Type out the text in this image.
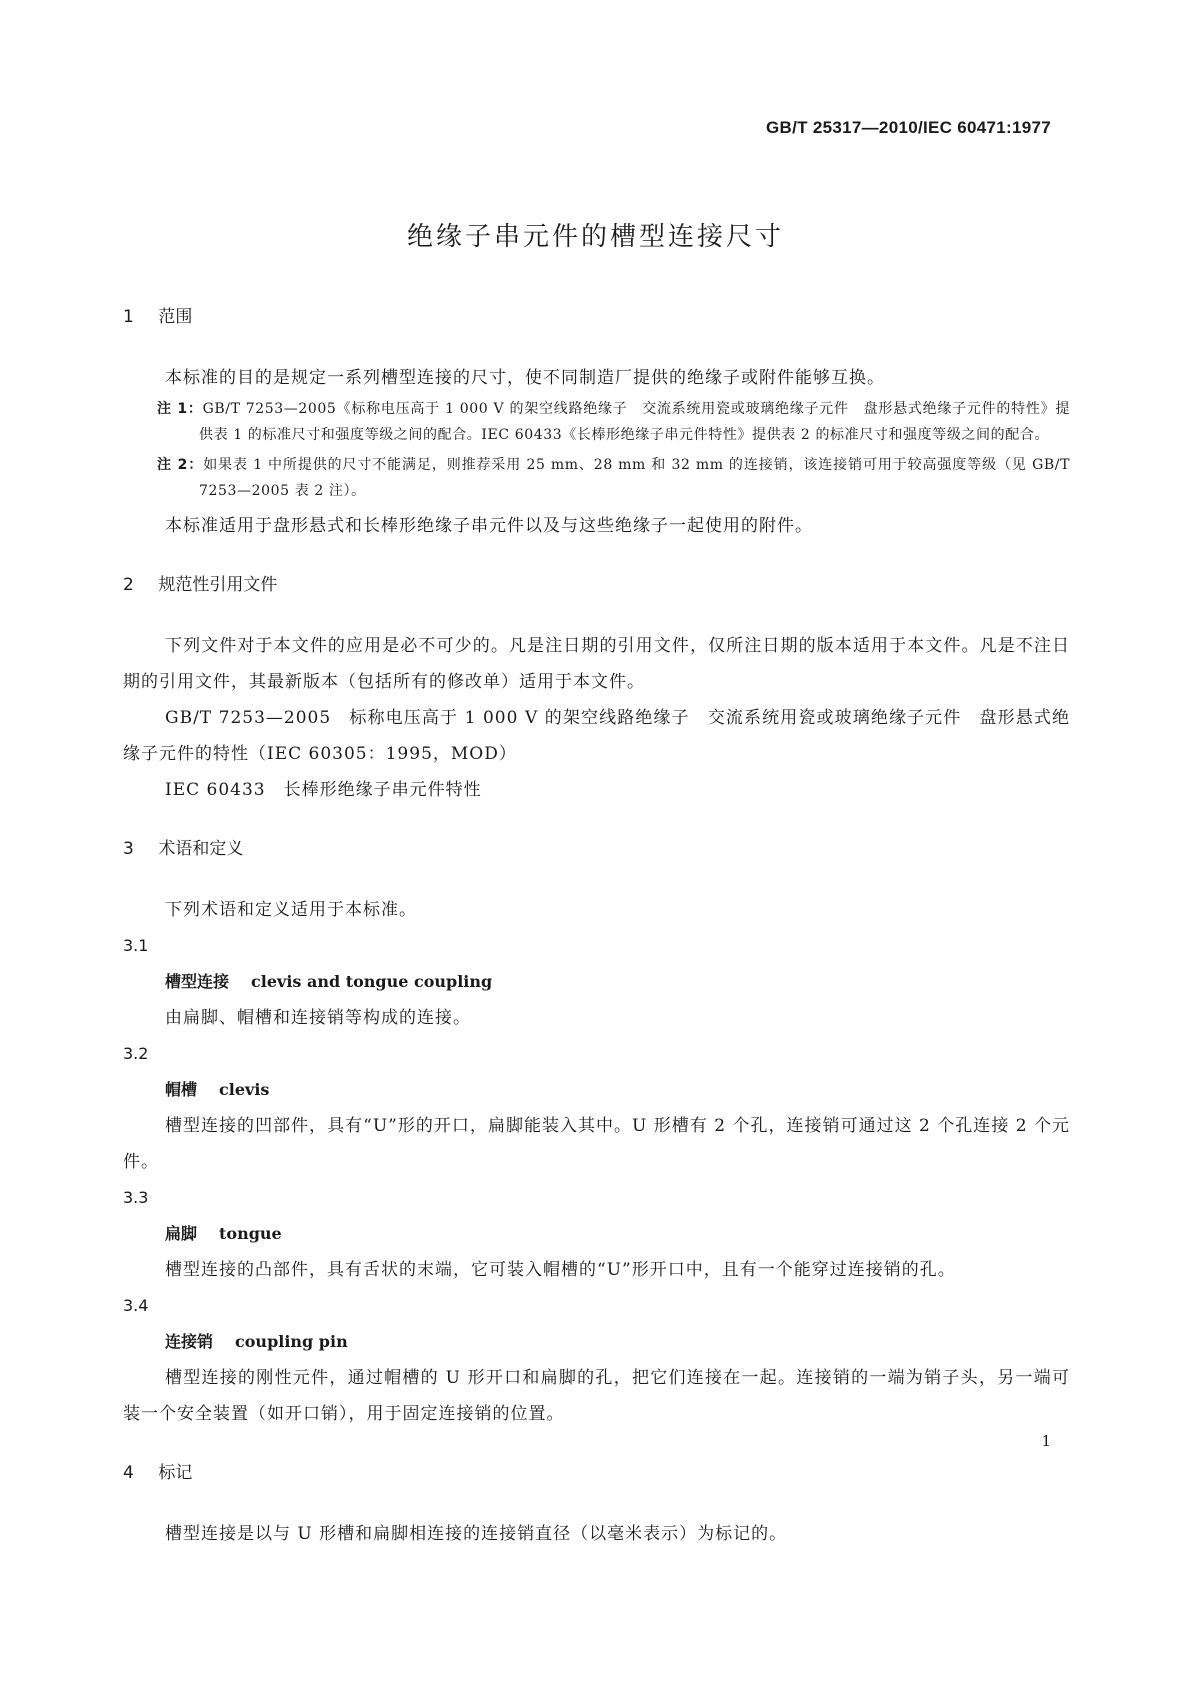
GB/T 25317—2010/IEC 60471:1977
绝缘子串元件的槽型连接尺寸
1 范围

本标准的目的是规定一系列槽型连接的尺寸，使不同制造厂提供的绝缘子或附件能够互换。

注 1：GB/T 7253—2005《标称电压高于 1 000 V 的架空线路绝缘子　交流系统用瓷或玻璃绝缘子元件　盘形悬式绝缘子元件的特性》提供表 1 的标准尺寸和强度等级之间的配合。IEC 60433《长棒形绝缘子串元件特性》提供表 2 的标准尺寸和强度等级之间的配合。

注 2：如果表 1 中所提供的尺寸不能满足，则推荐采用 25 mm、28 mm 和 32 mm 的连接销，该连接销可用于较高强度等级（见 GB/T 7253—2005 表 2 注）。

本标准适用于盘形悬式和长棒形绝缘子串元件以及与这些绝缘子一起使用的附件。

2 规范性引用文件

下列文件对于本文件的应用是必不可少的。凡是注日期的引用文件，仅所注日期的版本适用于本文件。凡是不注日期的引用文件，其最新版本（包括所有的修改单）适用于本文件。

GB/T 7253—2005　标称电压高于 1 000 V 的架空线路绝缘子　交流系统用瓷或玻璃绝缘子元件　盘形悬式绝缘子元件的特性（IEC 60305：1995，MOD）

IEC 60433　长棒形绝缘子串元件特性

3 术语和定义

下列术语和定义适用于本标准。

3.1

槽型连接 clevis and tongue coupling

由扁脚、帽槽和连接销等构成的连接。

3.2

帽槽 clevis

槽型连接的凹部件，具有“U”形的开口，扁脚能装入其中。U 形槽有 2 个孔，连接销可通过这 2 个孔连接 2 个元件。

3.3

扁脚 tongue

槽型连接的凸部件，具有舌状的末端，它可装入帽槽的“U”形开口中，且有一个能穿过连接销的孔。

3.4

连接销 coupling pin

槽型连接的刚性元件，通过帽槽的 U 形开口和扁脚的孔，把它们连接在一起。连接销的一端为销子头，另一端可装一个安全装置（如开口销），用于固定连接销的位置。

4 标记

槽型连接是以与 U 形槽和扁脚相连接的连接销直径（以毫米表示）为标记的。

1
